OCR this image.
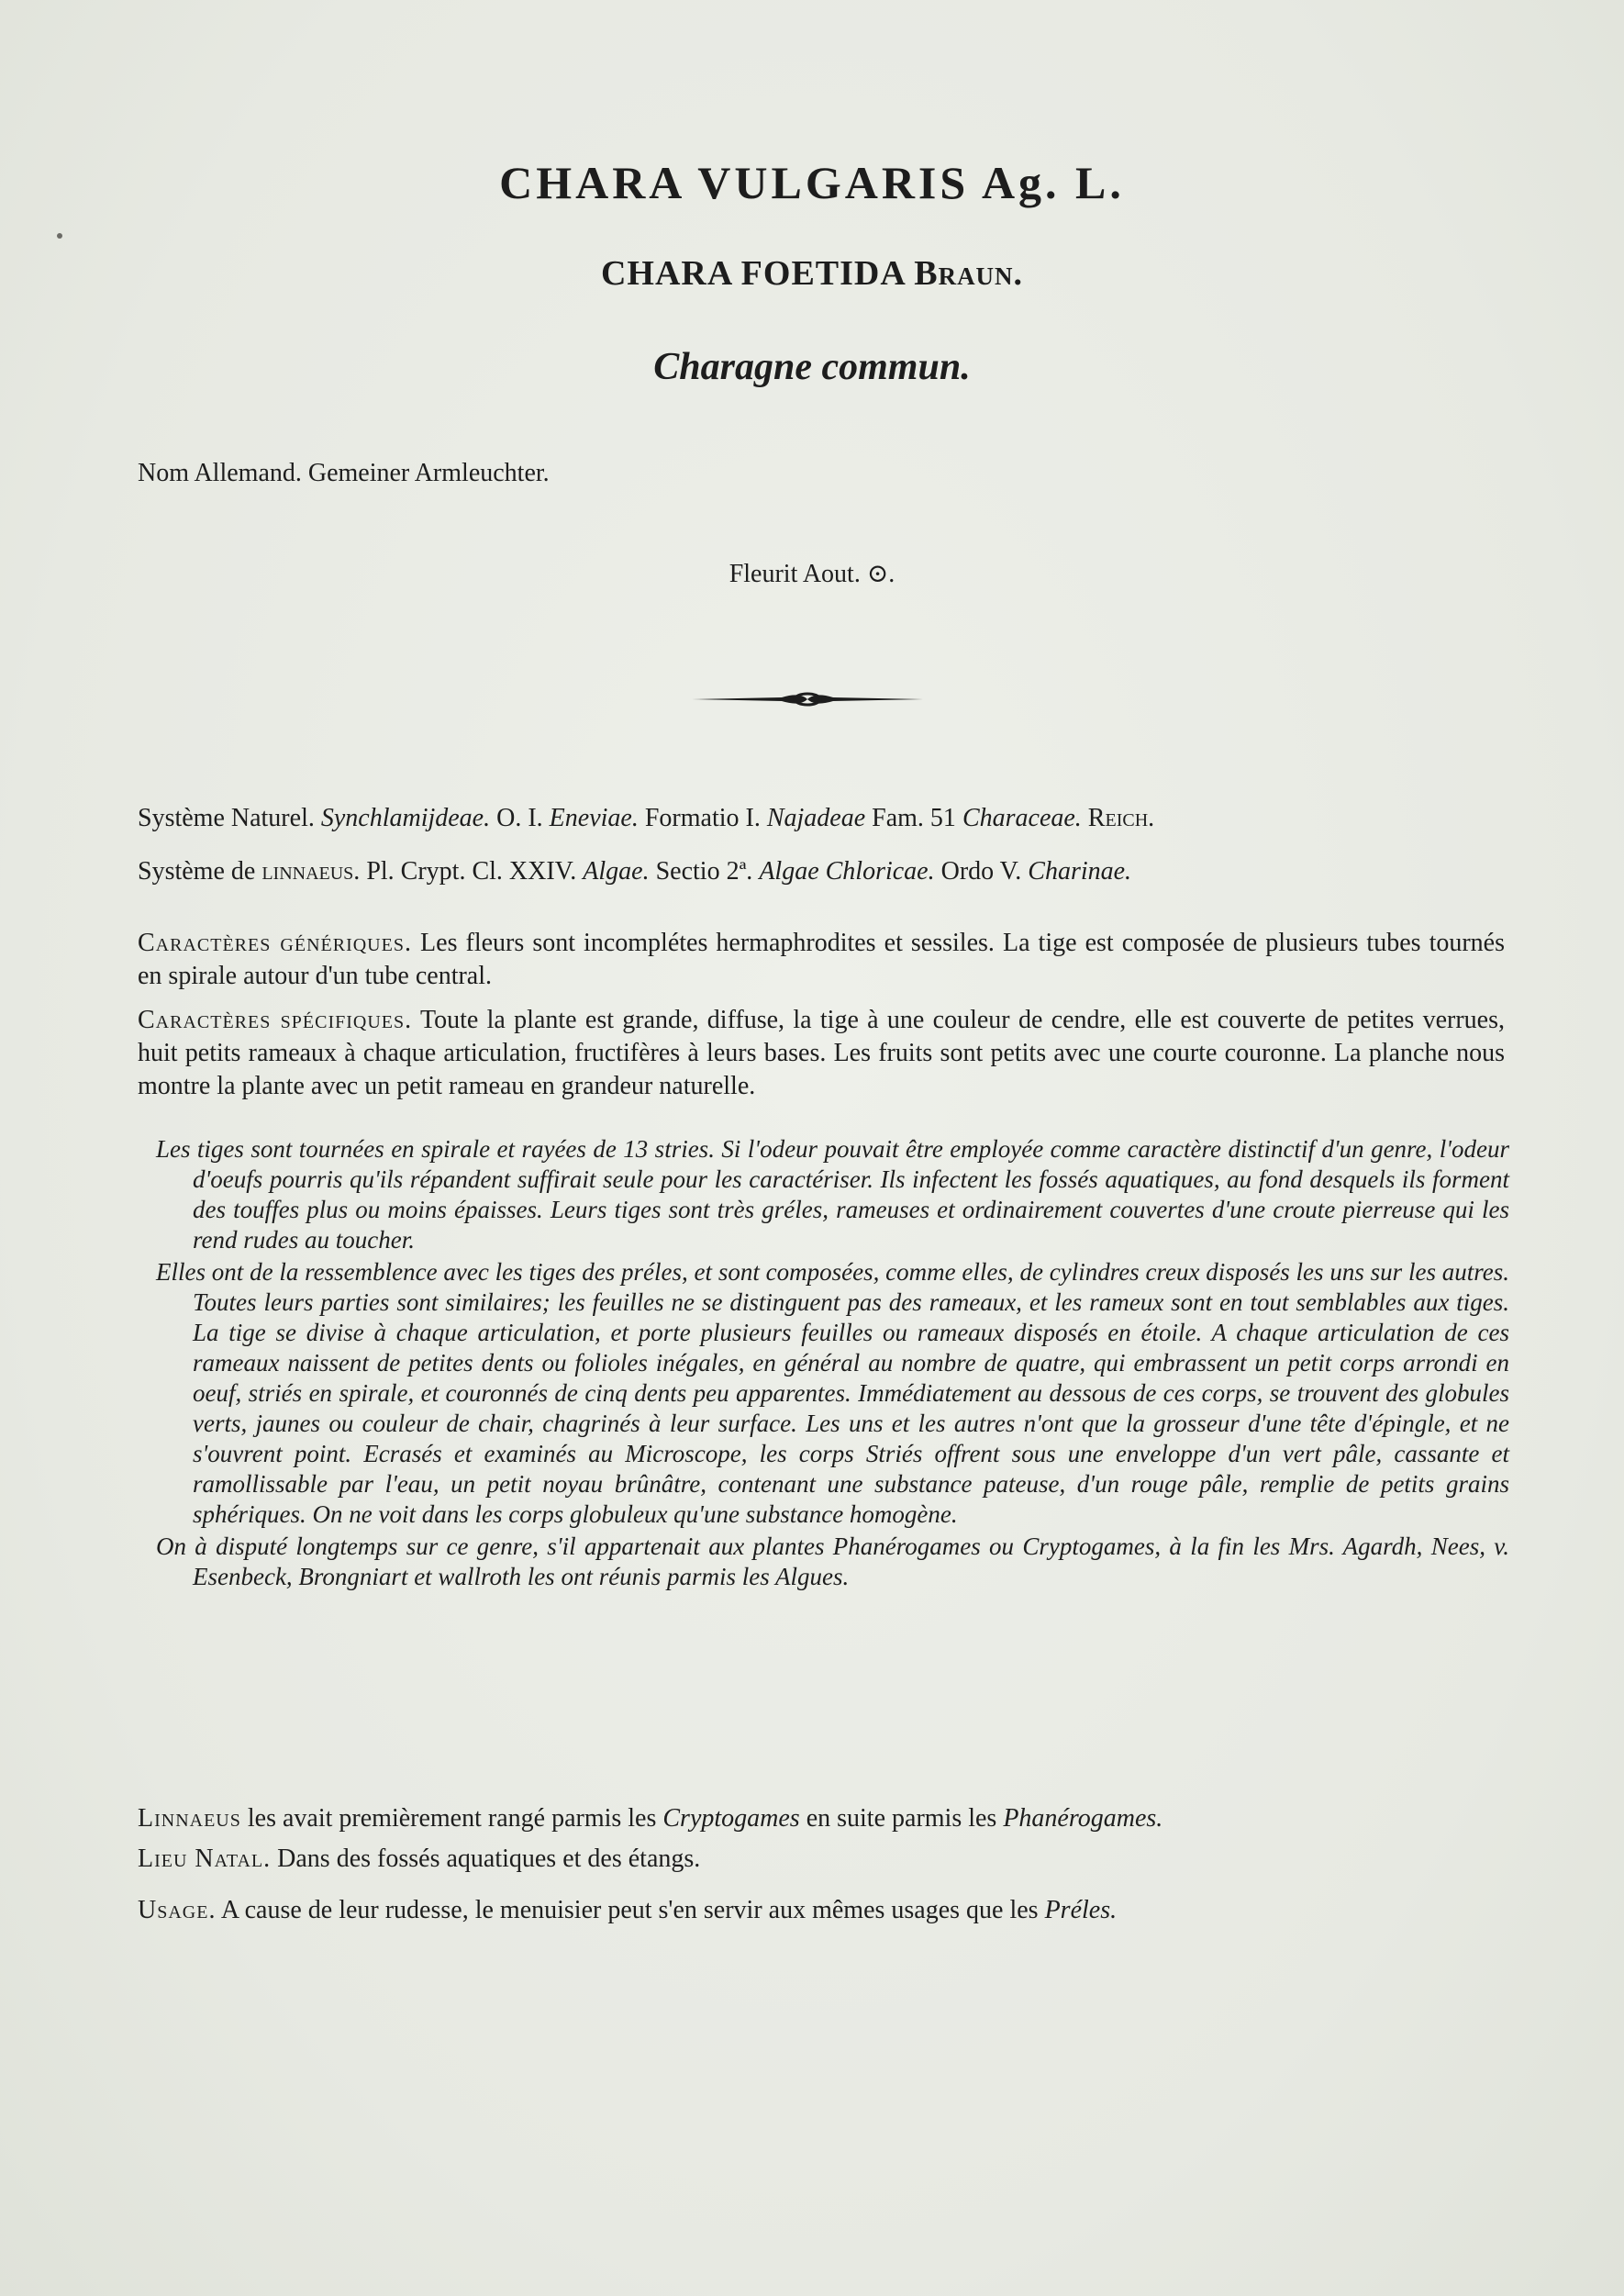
CHARA VULGARIS Ag. L.
CHARA FOETIDA Braun.
Charagne commun.
Nom Allemand. Gemeiner Armleuchter.
Fleurit Aout. ⊙.
Système Naturel. Synchlamijdeae. O. I. Eneviae. Formatio I. Najadeae Fam. 51 Characeae. Reich.
Système de linnaeus. Pl. Crypt. Cl. XXIV. Algae. Sectio 2ª. Algae Chloricae. Ordo V. Charinae.
Caractères génériques. Les fleurs sont incomplétes hermaphrodites et sessiles. La tige est composée de plusieurs tubes tournés en spirale autour d'un tube central.
Caractères spécifiques. Toute la plante est grande, diffuse, la tige à une couleur de cendre, elle est couverte de petites verrues, huit petits rameaux à chaque articulation, fructifères à leurs bases. Les fruits sont petits avec une courte couronne. La planche nous montre la plante avec un petit rameau en grandeur naturelle.

Les tiges sont tournées en spirale et rayées de 13 stries. Si l'odeur pouvait être employée comme caractère distinctif d'un genre, l'odeur d'oeufs pourris qu'ils répandent suffirait seule pour les caractériser. Ils infectent les fossés aquatiques, au fond desquels ils forment des touffes plus ou moins épaisses. Leurs tiges sont très gréles, rameuses et ordinairement couvertes d'une croute pierreuse qui les rend rudes au toucher.

Elles ont de la ressemblence avec les tiges des préles, et sont composées, comme elles, de cylindres creux disposés les uns sur les autres. Toutes leurs parties sont similaires; les feuilles ne se distinguent pas des rameaux, et les rameux sont en tout semblables aux tiges. La tige se divise à chaque articulation, et porte plusieurs feuilles ou rameaux disposés en étoile. A chaque articulation de ces rameaux naissent de petites dents ou folioles inégales, en général au nombre de quatre, qui embrassent un petit corps arrondi en oeuf, striés en spirale, et couronnés de cinq dents peu apparentes. Immédiatement au dessous de ces corps, se trouvent des globules verts, jaunes ou couleur de chair, chagrinés à leur surface. Les uns et les autres n'ont que la grosseur d'une tête d'épingle, et ne s'ouvrent point. Ecrasés et examinés au Microscope, les corps Striés offrent sous une enveloppe d'un vert pâle, cassante et ramollissable par l'eau, un petit noyau brûnâtre, contenant une substance pateuse, d'un rouge pâle, remplie de petits grains sphériques. On ne voit dans les corps globuleux qu'une substance homogène.

On à disputé longtemps sur ce genre, s'il appartenait aux plantes Phanérogames ou Cryptogames, à la fin les Mrs. Agardh, Nees, v. Esenbeck, Brongniart et wallroth les ont réunis parmis les Algues.

Linnaeus les avait premièrement rangé parmis les Cryptogames en suite parmis les Phanérogames.
Lieu Natal. Dans des fossés aquatiques et des étangs.
Usage. A cause de leur rudesse, le menuisier peut s'en servir aux mêmes usages que les Préles.
